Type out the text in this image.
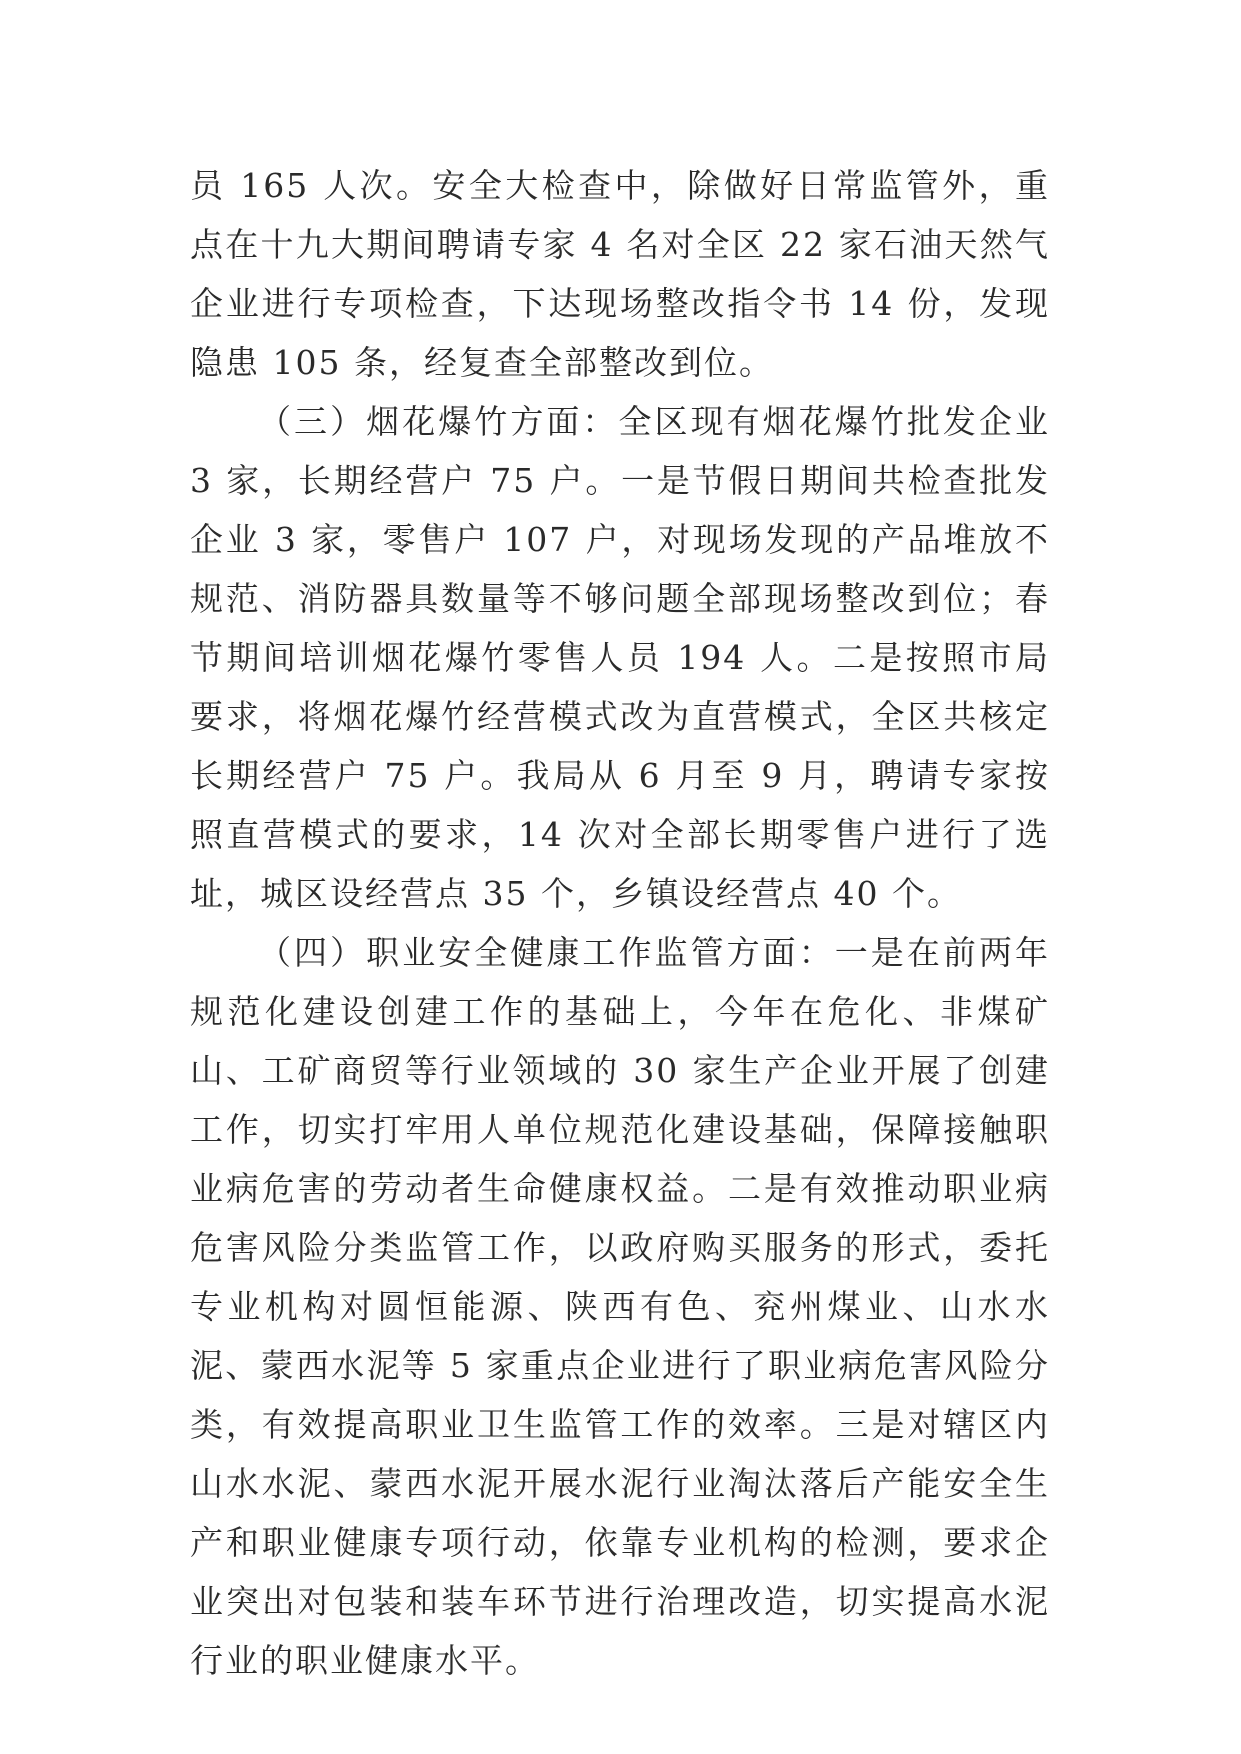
员 165 人次。安全大检查中，除做好日常监管外，重点在十九大期间聘请专家 4 名对全区 22 家石油天然气企业进行专项检查，下达现场整改指令书 14 份，发现隐患 105 条，经复查全部整改到位。

（三）烟花爆竹方面：全区现有烟花爆竹批发企业 3 家，长期经营户 75 户。一是节假日期间共检查批发企业 3 家，零售户 107 户，对现场发现的产品堆放不规范、消防器具数量等不够问题全部现场整改到位；春节期间培训烟花爆竹零售人员 194 人。二是按照市局要求，将烟花爆竹经营模式改为直营模式，全区共核定长期经营户 75 户。我局从 6 月至 9 月，聘请专家按照直营模式的要求，14 次对全部长期零售户进行了选址，城区设经营点 35 个，乡镇设经营点 40 个。

（四）职业安全健康工作监管方面：一是在前两年规范化建设创建工作的基础上，今年在危化、非煤矿山、工矿商贸等行业领域的 30 家生产企业开展了创建工作，切实打牢用人单位规范化建设基础，保障接触职业病危害的劳动者生命健康权益。二是有效推动职业病危害风险分类监管工作，以政府购买服务的形式，委托专业机构对圆恒能源、陕西有色、兖州煤业、山水水泥、蒙西水泥等 5 家重点企业进行了职业病危害风险分类，有效提高职业卫生监管工作的效率。三是对辖区内山水水泥、蒙西水泥开展水泥行业淘汰落后产能安全生产和职业健康专项行动，依靠专业机构的检测，要求企业突出对包装和装车环节进行治理改造，切实提高水泥行业的职业健康水平。
